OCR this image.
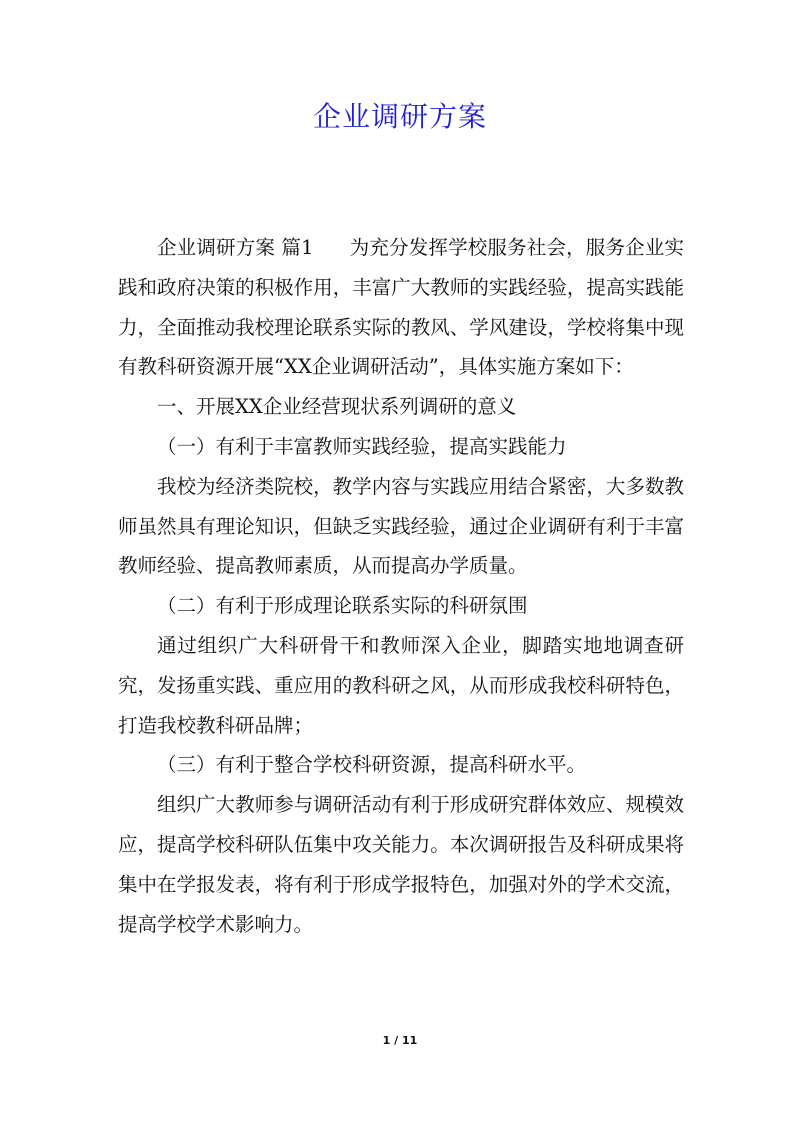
企业调研方案

企业调研方案 篇1 为充分发挥学校服务社会，服务企业实践和政府决策的积极作用，丰富广大教师的实践经验，提高实践能力，全面推动我校理论联系实际的教风、学风建设，学校将集中现有教科研资源开展“XX企业调研活动”，具体实施方案如下：

一、开展XX企业经营现状系列调研的意义

（一）有利于丰富教师实践经验，提高实践能力

我校为经济类院校，教学内容与实践应用结合紧密，大多数教师虽然具有理论知识，但缺乏实践经验，通过企业调研有利于丰富教师经验、提高教师素质，从而提高办学质量。

（二）有利于形成理论联系实际的科研氛围

通过组织广大科研骨干和教师深入企业，脚踏实地地调查研究，发扬重实践、重应用的教科研之风，从而形成我校科研特色，打造我校教科研品牌；

（三）有利于整合学校科研资源，提高科研水平。

组织广大教师参与调研活动有利于形成研究群体效应、规模效应，提高学校科研队伍集中攻关能力。本次调研报告及科研成果将集中在学报发表，将有利于形成学报特色，加强对外的学术交流，提高学校学术影响力。

1 / 11
